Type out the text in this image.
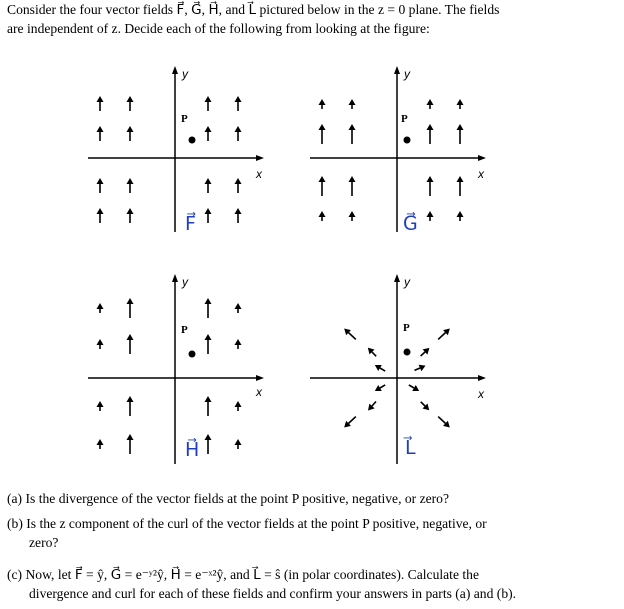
Consider the four vector fields F⃗, G⃗, H⃗, and L⃗ pictured below in the z = 0 plane. The fields
are independent of z. Decide each of the following from looking at the figure:
y
x
P
F⃗
y
x
P
G⃗
y
x
P
H⃗
y
x
P
L⃗
(a) Is the divergence of the vector fields at the point P positive, negative, or zero?
(b) Is the z component of the curl of the vector fields at the point P positive, negative, or
zero?
(c) Now, let F⃗ = ŷ, G⃗ = e⁻ʸ²ŷ, H⃗ = e⁻ˣ²ŷ, and L⃗ = ŝ (in polar coordinates). Calculate the
divergence and curl for each of these fields and confirm your answers in parts (a) and (b).
